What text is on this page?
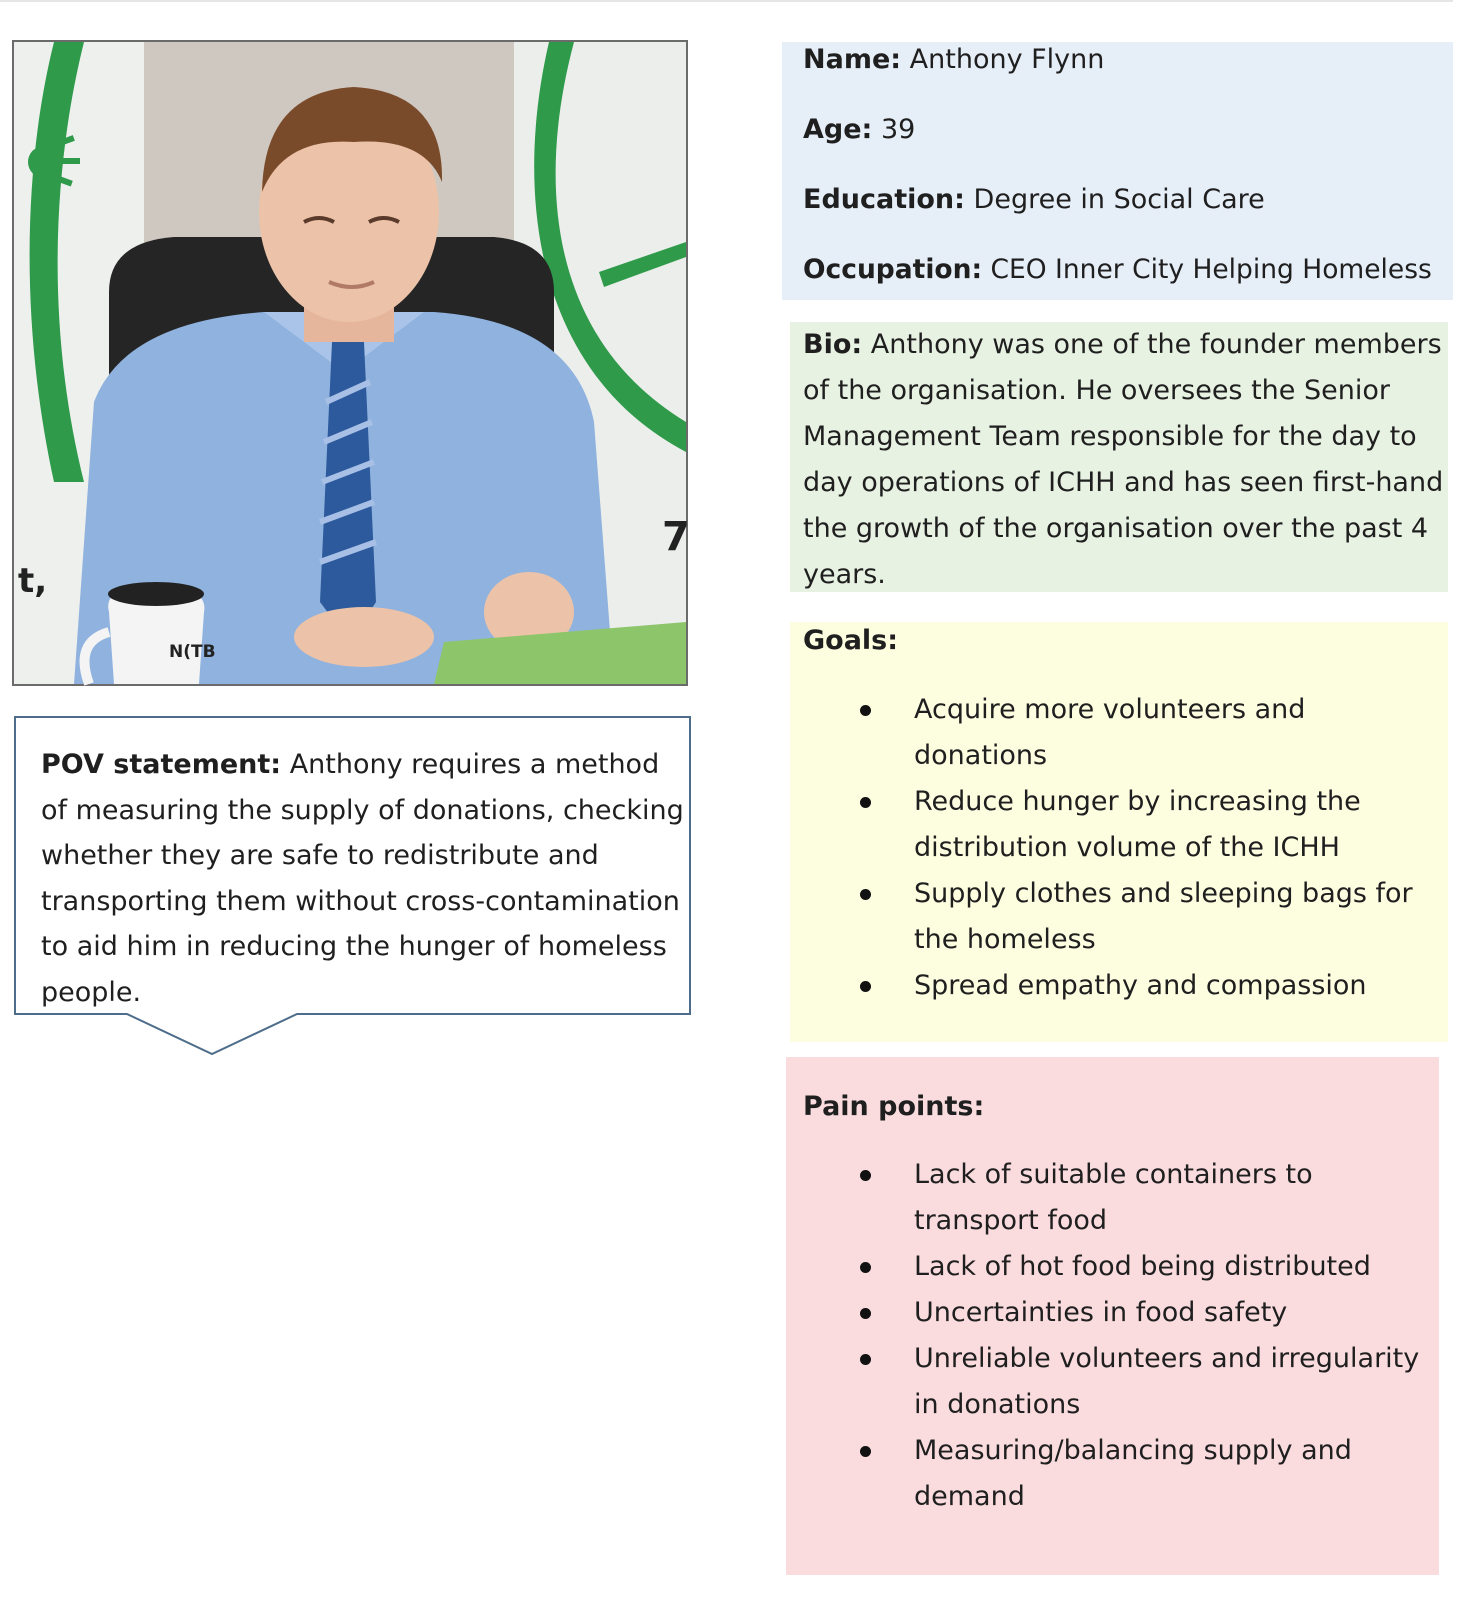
7
t,
N(TB
POV statement: Anthony requires a method of measuring the supply of donations, checking whether they are safe to redistribute and transporting them without cross-contamination to aid him in reducing the hunger of homeless people.
Name: Anthony Flynn
Age: 39
Education: Degree in Social Care
Occupation: CEO Inner City Helping Homeless
Bio: Anthony was one of the founder members of the organisation. He oversees the Senior Management Team responsible for the day to day operations of ICHH and has seen first-hand the growth of the organisation over the past 4 years.
Goals:
Acquire more volunteers and donations
Reduce hunger by increasing the distribution volume of the ICHH
Supply clothes and sleeping bags for the homeless
Spread empathy and compassion
Pain points:
Lack of suitable containers to transport food
Lack of hot food being distributed
Uncertainties in food safety
Unreliable volunteers and irregularity in donations
Measuring/balancing supply and demand
